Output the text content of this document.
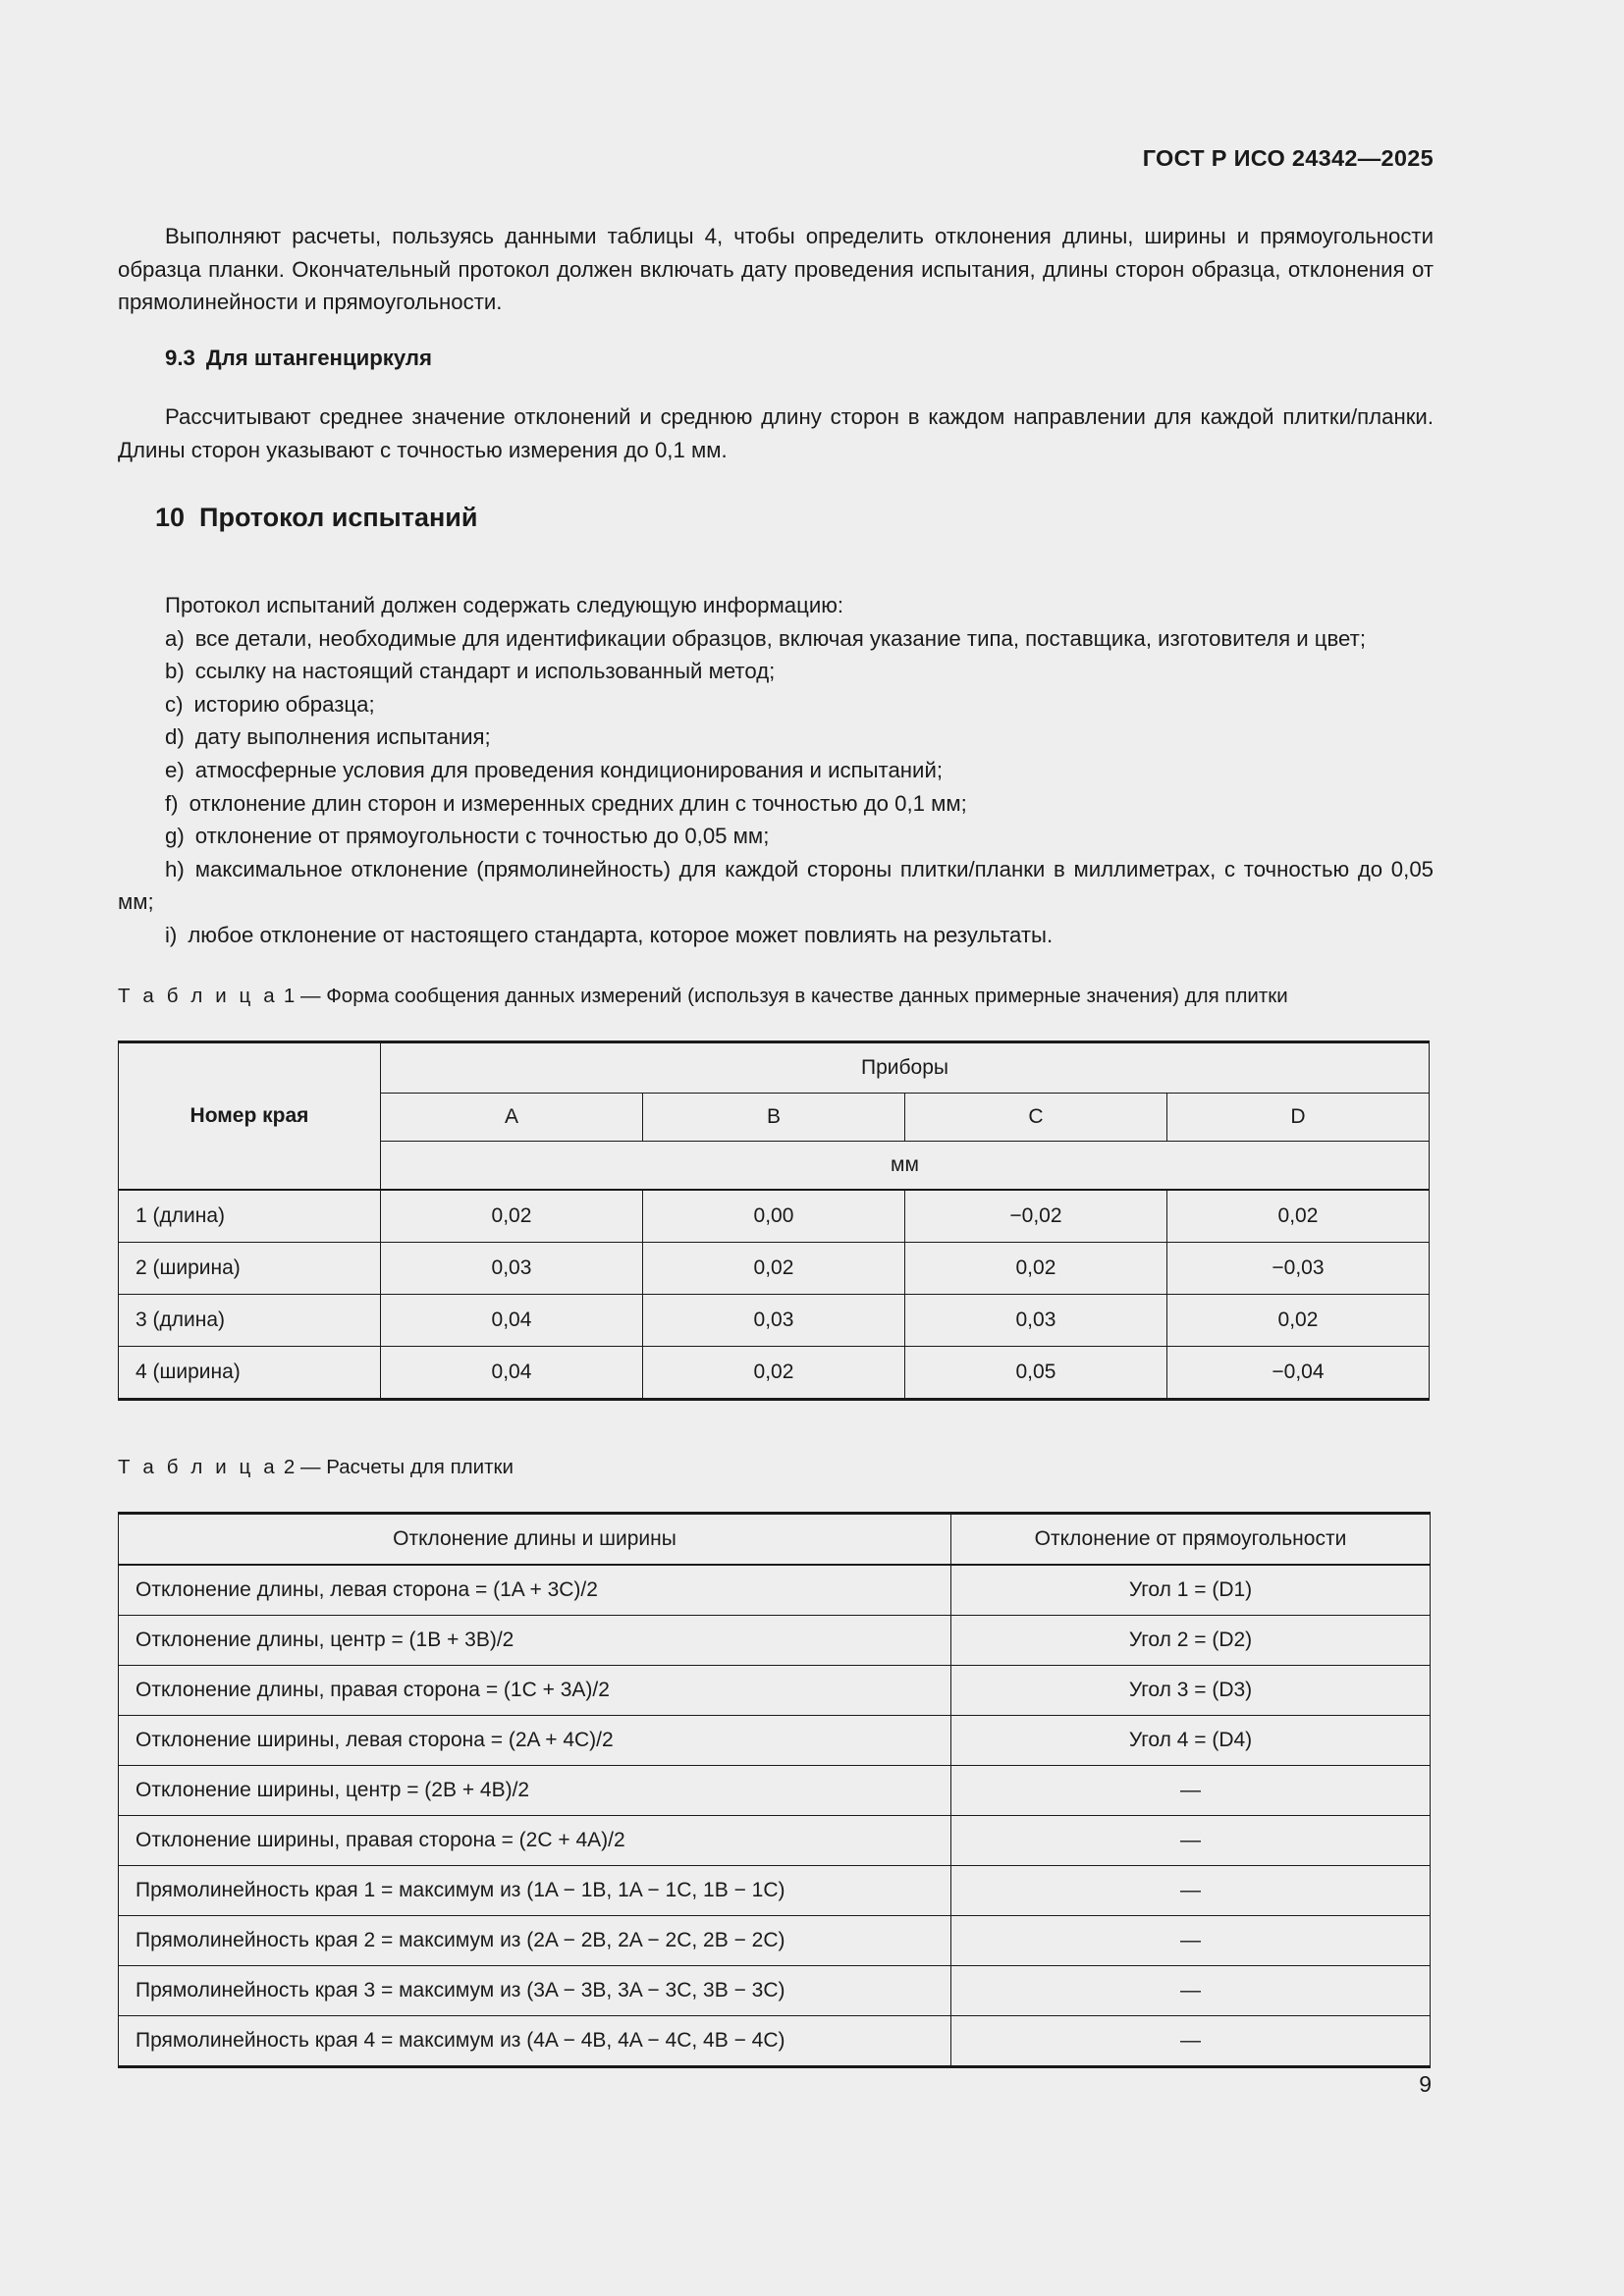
ГОСТ Р ИСО 24342—2025

Выполняют расчеты, пользуясь данными таблицы 4, чтобы определить отклонения длины, ширины и прямоугольности образца планки. Окончательный протокол должен включать дату проведения испытания, длины сторон образца, отклонения от прямолинейности и прямоугольности.

9.3 Для штангенциркуля

Рассчитывают среднее значение отклонений и среднюю длину сторон в каждом направлении для каждой плитки/планки. Длины сторон указывают с точностью измерения до 0,1 мм.

10 Протокол испытаний

Протокол испытаний должен содержать следующую информацию:

a) все детали, необходимые для идентификации образцов, включая указание типа, поставщика, изготовителя и цвет;

b) ссылку на настоящий стандарт и использованный метод;

c) историю образца;

d) дату выполнения испытания;

e) атмосферные условия для проведения кондиционирования и испытаний;

f) отклонение длин сторон и измеренных средних длин с точностью до 0,1 мм;

g) отклонение от прямоугольности с точностью до 0,05 мм;

h) максимальное отклонение (прямолинейность) для каждой стороны плитки/планки в миллиметрах, с точностью до 0,05 мм;

i) любое отклонение от настоящего стандарта, которое может повлиять на результаты.

Т а б л и ц а 1 — Форма сообщения данных измерений (используя в качестве данных примерные значения) для плитки

Номер края	Приборы			
	A	B	C	D
	мм			
1 (длина)	0,02	0,00	−0,02	0,02
2 (ширина)	0,03	0,02	0,02	−0,03
3 (длина)	0,04	0,03	0,03	0,02
4 (ширина)	0,04	0,02	0,05	−0,04

Т а б л и ц а 2 — Расчеты для плитки

Отклонение длины и ширины	Отклонение от прямоугольности
Отклонение длины, левая сторона = (1A + 3C)/2	Угол 1 = (D1)
Отклонение длины, центр = (1B + 3B)/2	Угол 2 = (D2)
Отклонение длины, правая сторона = (1C + 3A)/2	Угол 3 = (D3)
Отклонение ширины, левая сторона = (2A + 4C)/2	Угол 4 = (D4)
Отклонение ширины, центр = (2B + 4B)/2	—
Отклонение ширины, правая сторона = (2C + 4A)/2	—
Прямолинейность края 1 = максимум из (1A − 1B, 1A − 1C, 1B − 1C)	—
Прямолинейность края 2 = максимум из (2A − 2B, 2A − 2C, 2B − 2C)	—
Прямолинейность края 3 = максимум из (3A − 3B, 3A − 3C, 3B − 3C)	—
Прямолинейность края 4 = максимум из (4A − 4B, 4A − 4C, 4B − 4C)	—
9
